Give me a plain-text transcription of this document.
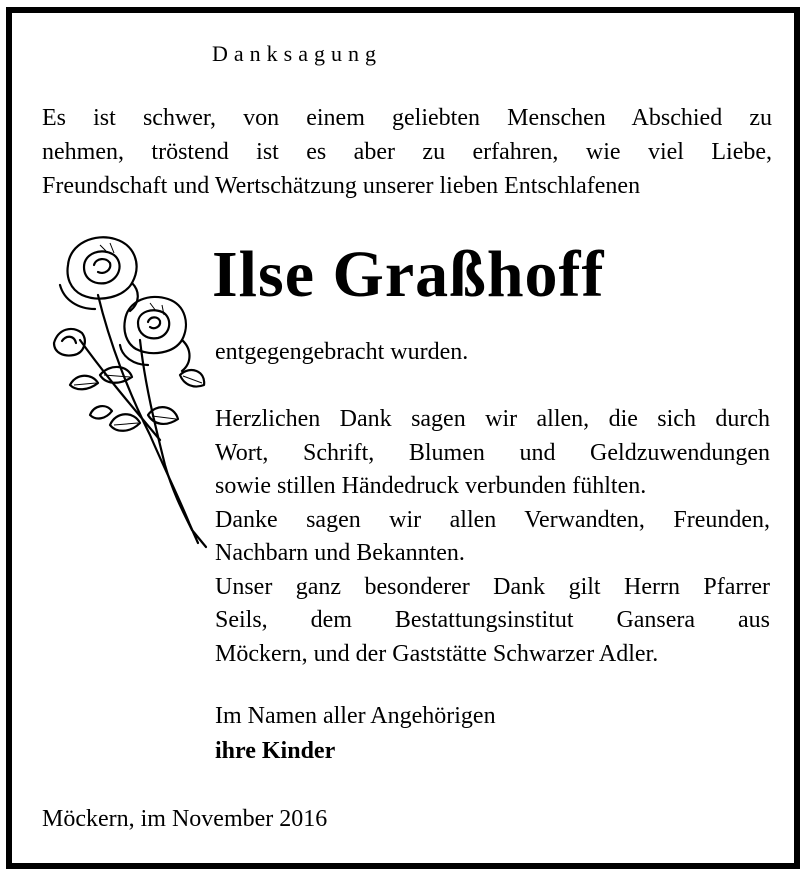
Danksagung

Es ist schwer, von einem geliebten Menschen Abschied zu
nehmen, tröstend ist es aber zu erfahren, wie viel Liebe,
Freundschaft und Wertschätzung unserer lieben Entschlafenen

Ilse Graßhoff

entgegengebracht wurden.

Herzlichen Dank sagen wir allen, die sich durch
Wort, Schrift, Blumen und Geldzuwendungen
sowie stillen Händedruck verbunden fühlten.
Danke sagen wir allen Verwandten, Freunden,
Nachbarn und Bekannten.
Unser ganz besonderer Dank gilt Herrn Pfarrer
Seils, dem Bestattungsinstitut Gansera aus
Möckern, und der Gaststätte Schwarzer Adler.

Im Namen aller Angehörigen

ihre Kinder

Möckern, im November 2016
